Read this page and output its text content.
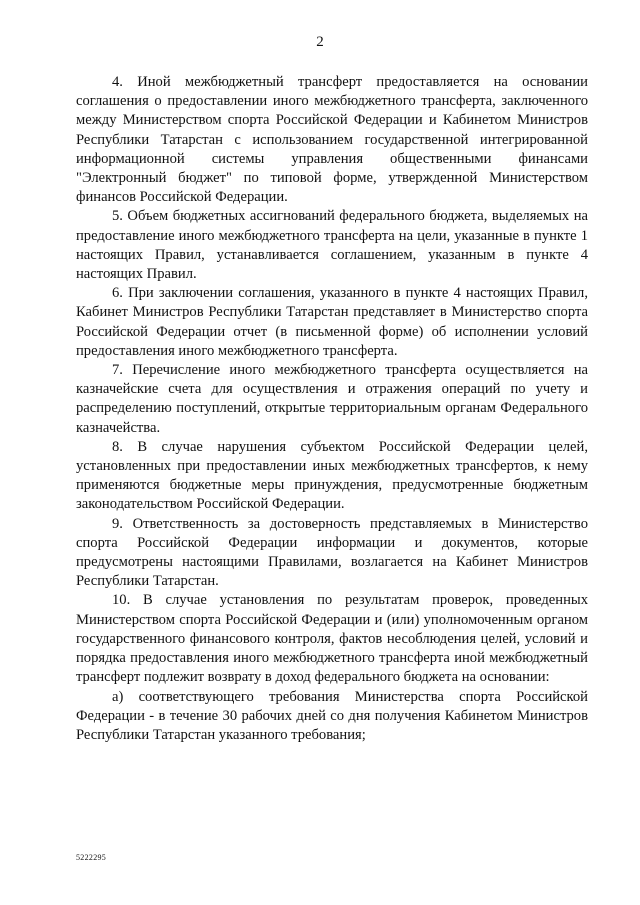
2

4. Иной межбюджетный трансферт предоставляется на основании соглашения о предоставлении иного межбюджетного трансферта, заключенного между Министерством спорта Российской Федерации и Кабинетом Министров Республики Татарстан с использованием государственной интегрированной информационной системы управления общественными финансами "Электронный бюджет" по типовой форме, утвержденной Министерством финансов Российской Федерации.

5. Объем бюджетных ассигнований федерального бюджета, выделяемых на предоставление иного межбюджетного трансферта на цели, указанные в пункте 1 настоящих Правил, устанавливается соглашением, указанным в пункте 4 настоящих Правил.

6. При заключении соглашения, указанного в пункте 4 настоящих Правил, Кабинет Министров Республики Татарстан представляет в Министерство спорта Российской Федерации отчет (в письменной форме) об исполнении условий предоставления иного межбюджетного трансферта.

7. Перечисление иного межбюджетного трансферта осуществляется на казначейские счета для осуществления и отражения операций по учету и распределению поступлений, открытые территориальным органам Федерального казначейства.

8. В случае нарушения субъектом Российской Федерации целей, установленных при предоставлении иных межбюджетных трансфертов, к нему применяются бюджетные меры принуждения, предусмотренные бюджетным законодательством Российской Федерации.

9. Ответственность за достоверность представляемых в Министерство спорта Российской Федерации информации и документов, которые предусмотрены настоящими Правилами, возлагается на Кабинет Министров Республики Татарстан.

10. В случае установления по результатам проверок, проведенных Министерством спорта Российской Федерации и (или) уполномоченным органом государственного финансового контроля, фактов несоблюдения целей, условий и порядка предоставления иного межбюджетного трансферта иной межбюджетный трансферт подлежит возврату в доход федерального бюджета на основании:

а) соответствующего требования Министерства спорта Российской Федерации - в течение 30 рабочих дней со дня получения Кабинетом Министров Республики Татарстан указанного требования;

5222295
